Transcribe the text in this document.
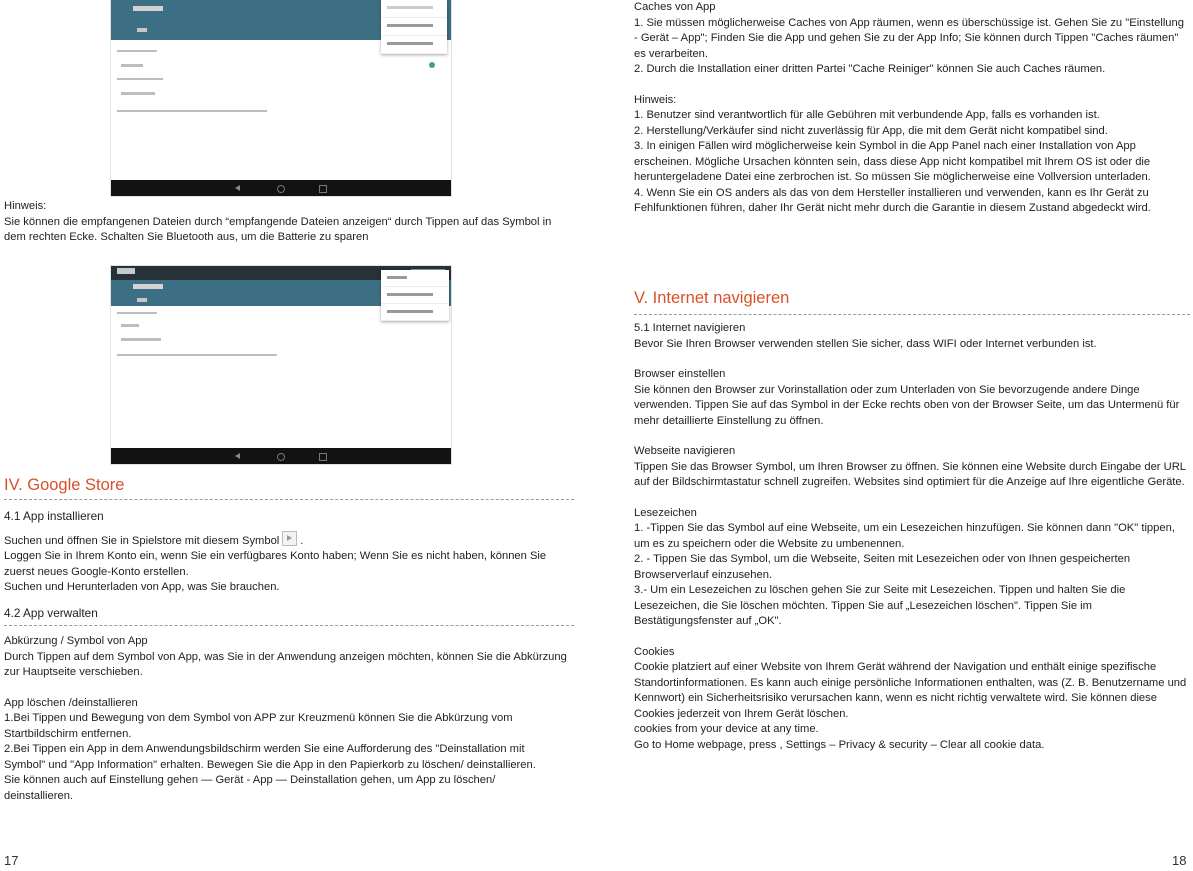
Hinweis:

Sie können die empfangenen Dateien durch “empfangende Dateien anzeigen“ durch Tippen auf das Symbol in dem rechten Ecke. Schalten Sie Bluetooth aus, um die Batterie zu sparen

IV. Google Store

4.1 App installieren

Suchen und öffnen Sie in Spielstore mit diesem Symbol .

Loggen Sie in Ihrem Konto ein, wenn Sie ein verfügbares Konto haben; Wenn Sie es nicht haben, können Sie zuerst neues Google-Konto erstellen.

Suchen und Herunterladen von App, was Sie brauchen.

4.2 App verwalten

Abkürzung / Symbol von App

Durch Tippen auf dem Symbol von App, was Sie in der Anwendung anzeigen möchten, können Sie die Abkürzung zur Hauptseite verschieben.

App löschen /deinstallieren

1.Bei Tippen und Bewegung von dem Symbol von APP zur Kreuzmenü können Sie die Abkürzung vom Startbildschirm entfernen.

2.Bei Tippen ein App in dem Anwendungsbildschirm werden Sie eine Aufforderung des "Deinstallation mit Symbol" und "App Information" erhalten. Bewegen Sie die App in den Papierkorb zu löschen/ deinstallieren. Sie können auch auf Einstellung gehen — Gerät - App — Deinstallation gehen, um App zu löschen/ deinstallieren.

17

Caches von App

1. Sie müssen möglicherweise Caches von App räumen, wenn es überschüssige ist. Gehen Sie zu "Einstellung - Gerät – App"; Finden Sie die App und gehen Sie zu der App Info; Sie können durch Tippen "Caches räumen" es verarbeiten.

2. Durch die Installation einer dritten Partei "Cache Reiniger" können Sie auch Caches räumen.

Hinweis:

1. Benutzer sind verantwortlich für alle Gebühren mit verbundende App, falls es vorhanden ist.

2. Herstellung/Verkäufer sind nicht zuverlässig für App, die mit dem Gerät nicht kompatibel sind.

3. In einigen Fällen wird möglicherweise kein Symbol in die App Panel nach einer Installation von App erscheinen. Mögliche Ursachen könnten sein, dass diese App nicht kompatibel mit Ihrem OS ist oder die heruntergeladene Datei eine zerbrochen ist. So müssen Sie möglicherweise eine Vollversion unterladen.

4. Wenn Sie ein OS anders als das von dem Hersteller installieren und verwenden, kann es Ihr Gerät zu Fehlfunktionen führen, daher Ihr Gerät nicht mehr durch die Garantie in diesem Zustand abgedeckt wird.

V. Internet navigieren

5.1 Internet navigieren

Bevor Sie Ihren Browser verwenden stellen Sie sicher, dass WIFI oder Internet verbunden ist.

Browser einstellen

Sie können den Browser zur Vorinstallation oder zum Unterladen von Sie bevorzugende andere Dinge verwenden. Tippen Sie auf das Symbol in der Ecke rechts oben von der Browser Seite, um das Untermenü für mehr detaillierte Einstellung zu öffnen.

Webseite navigieren

Tippen Sie das Browser Symbol, um Ihren Browser zu öffnen. Sie können eine Website durch Eingabe der URL auf der Bildschirmtastatur schnell zugreifen. Websites sind optimiert für die Anzeige auf Ihre eigentliche Geräte.

Lesezeichen

1. -Tippen Sie das Symbol auf eine Webseite, um ein Lesezeichen hinzufügen. Sie können dann "OK" tippen, um es zu speichern oder die Website zu umbenennen.

2. - Tippen Sie das Symbol, um die Webseite, Seiten mit Lesezeichen oder von Ihnen gespeicherten Browserverlauf einzusehen.

3.- Um ein Lesezeichen zu löschen gehen Sie zur Seite mit Lesezeichen. Tippen und halten Sie die Lesezeichen, die Sie löschen möchten. Tippen Sie auf „Lesezeichen löschen". Tippen Sie im Bestätigungsfenster auf „OK".

Cookies

Cookie platziert auf einer Website von Ihrem Gerät während der Navigation und enthält einige spezifische Standortinformationen. Es kann auch einige persönliche Informationen enthalten, was (Z. B. Benutzername und Kennwort) ein Sicherheitsrisiko verursachen kann, wenn es nicht richtig verwaltete wird. Sie können diese Cookies jederzeit von Ihrem Gerät löschen.

cookies from your device at any time.

Go to Home webpage, press , Settings – Privacy & security – Clear all cookie data.

18
